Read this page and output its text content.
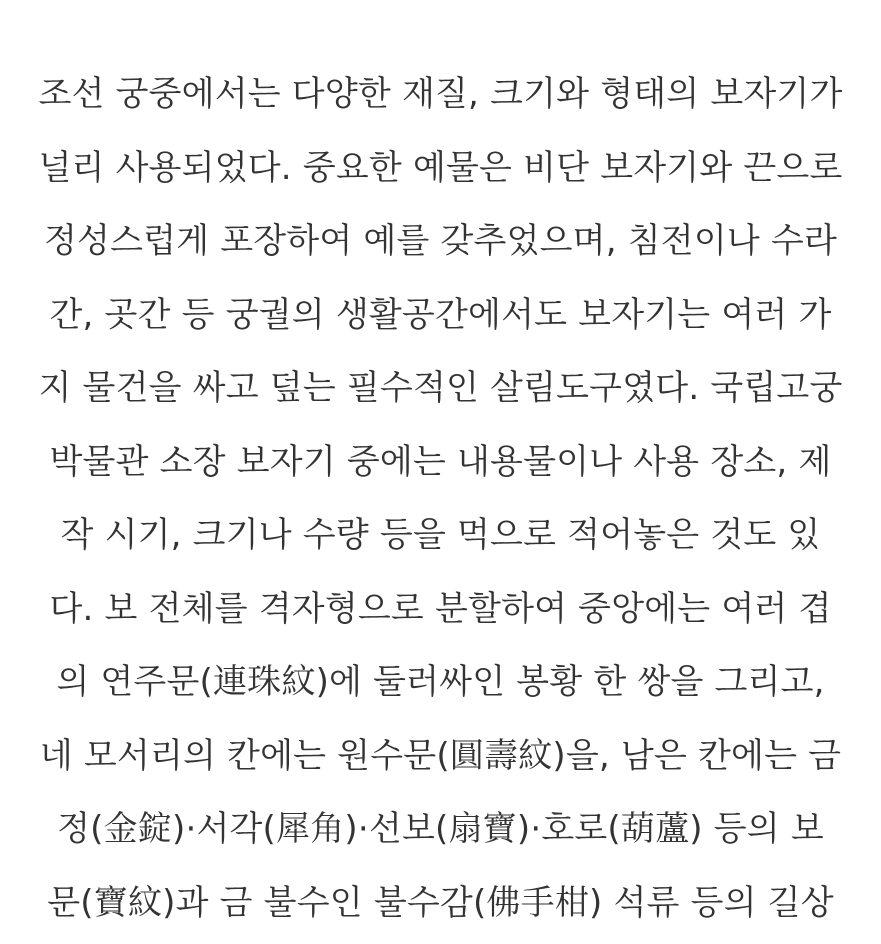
조선 궁중에서는 다양한 재질, 크기와 형태의 보자기가
널리 사용되었다. 중요한 예물은 비단 보자기와 끈으로
정성스럽게 포장하여 예를 갖추었으며, 침전이나 수라
간, 곳간 등 궁궐의 생활공간에서도 보자기는 여러 가
지 물건을 싸고 덮는 필수적인 살림도구였다. 국립고궁
박물관 소장 보자기 중에는 내용물이나 사용 장소, 제
작 시기, 크기나 수량 등을 먹으로 적어놓은 것도 있
다. 보 전체를 격자형으로 분할하여 중앙에는 여러 겹
의 연주문(連珠紋)에 둘러싸인 봉황 한 쌍을 그리고,
네 모서리의 칸에는 원수문(圓壽紋)을, 남은 칸에는 금
정(金錠)·서각(犀角)·선보(扇寶)·호로(葫蘆) 등의 보
문(寶紋)과 금 불수인 불수감(佛手柑) 석류 등의 길상
